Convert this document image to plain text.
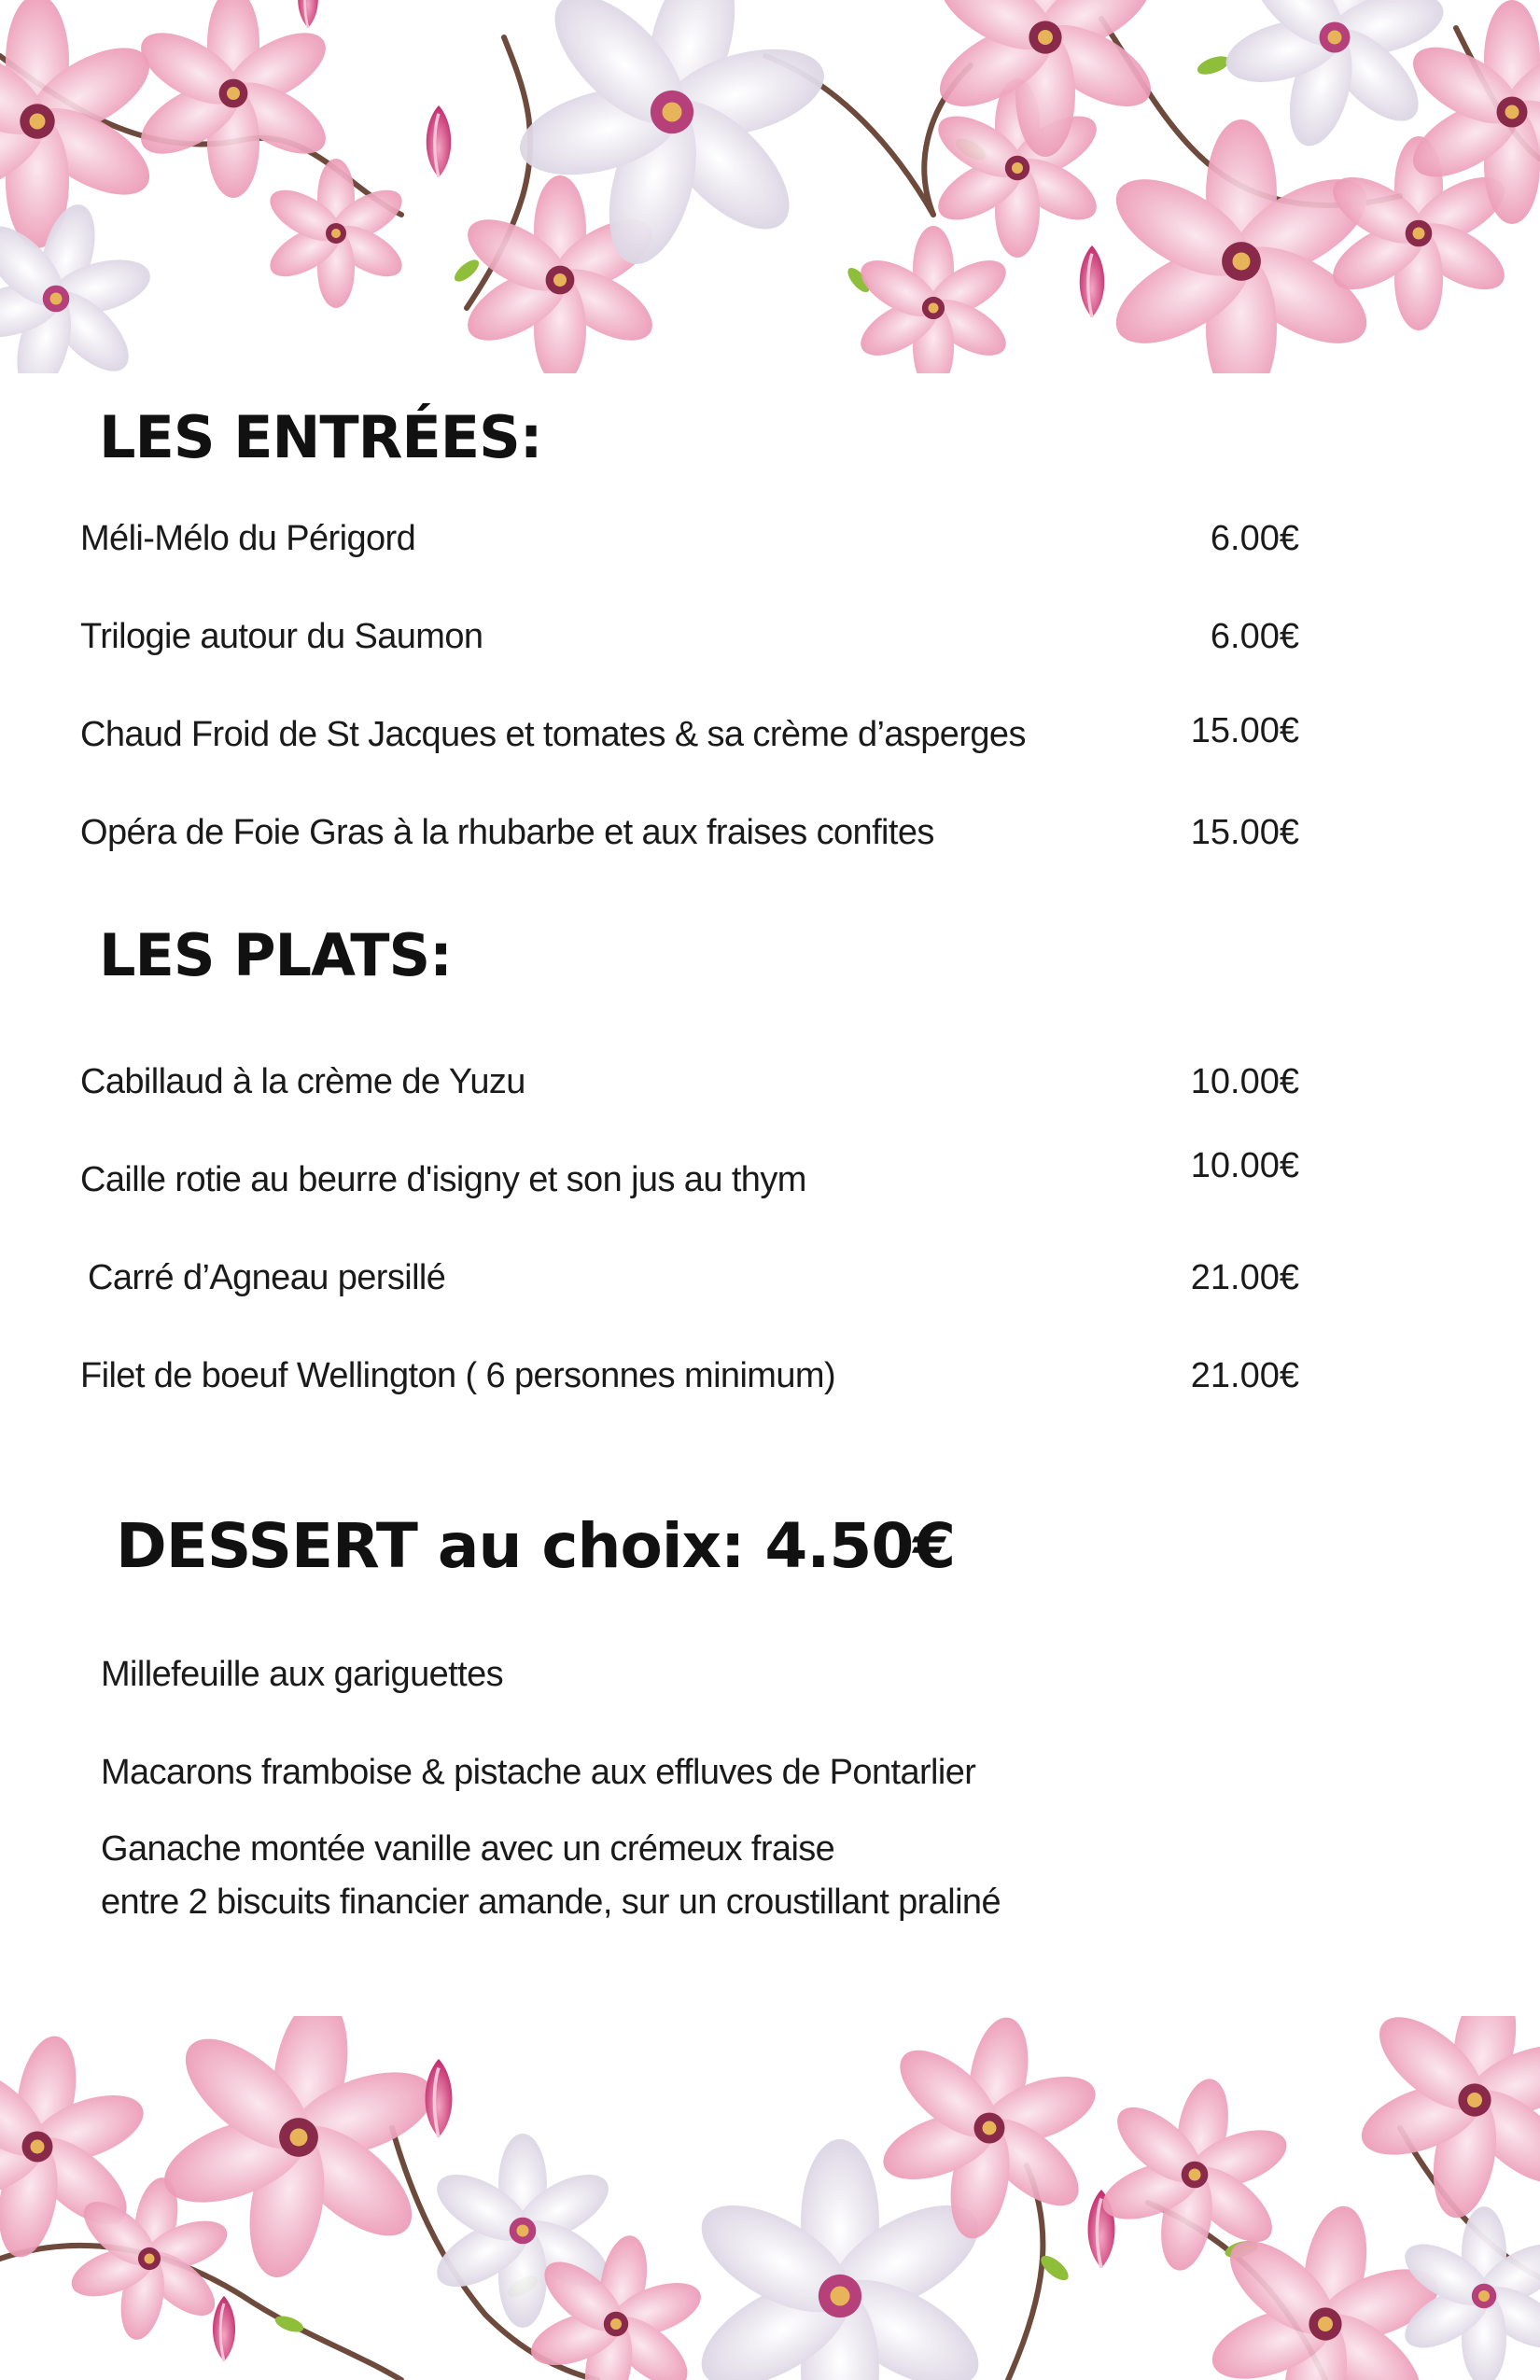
LES ENTRÉES:
Méli-Mélo du Périgord	6.00€
Trilogie autour du Saumon	6.00€
Chaud Froid de St Jacques et tomates & sa crème d’asperges	15.00€
Opéra de Foie Gras à la rhubarbe et aux fraises confites	15.00€
LES PLATS:
Cabillaud à la crème de Yuzu	10.00€
Caille rotie au beurre d'isigny et son jus au thym	10.00€
Carré d’Agneau persillé	21.00€
Filet de boeuf Wellington ( 6 personnes minimum)	21.00€
DESSERT au choix: 4.50€
Millefeuille aux gariguettes
Macarons framboise & pistache aux effluves de Pontarlier
Ganache montée vanille avec un crémeux fraise
entre 2 biscuits financier amande, sur un croustillant praliné
